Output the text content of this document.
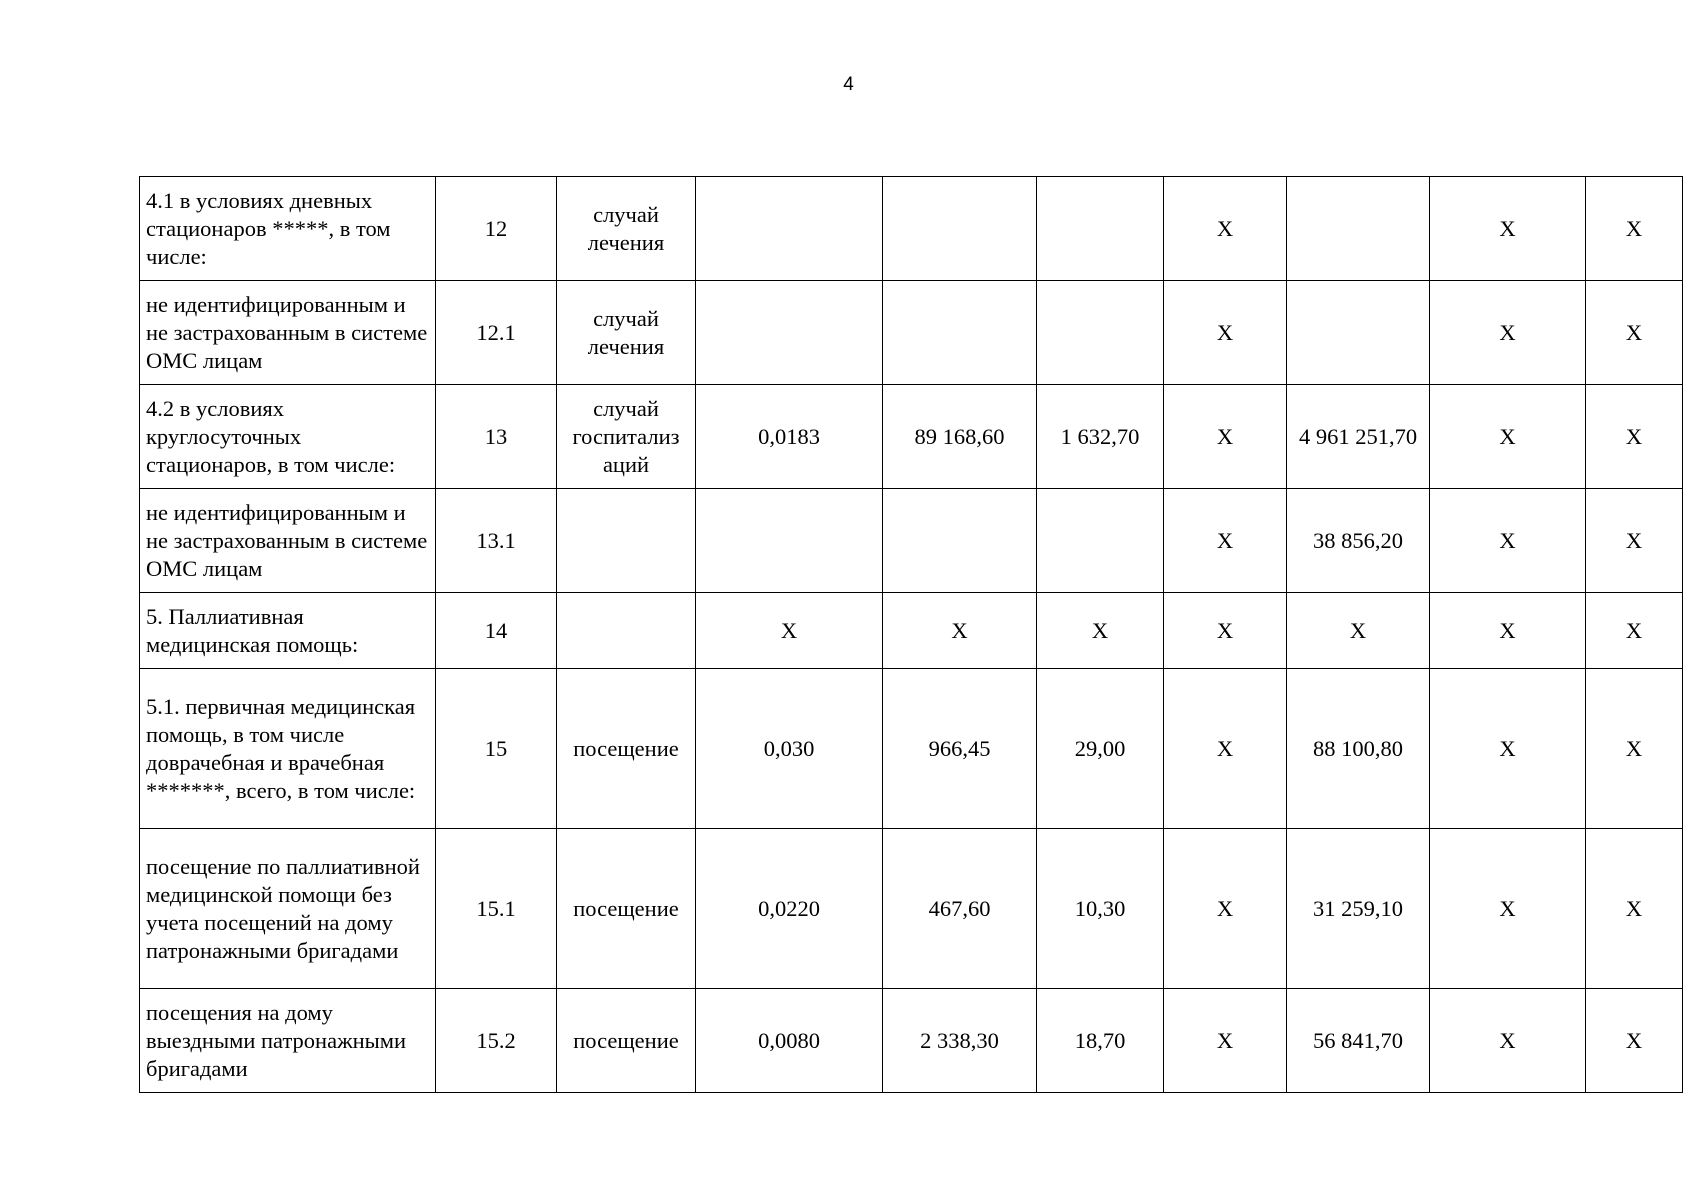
4
4.1 в условиях дневных стационаров *****, в том числе:	12	случай лечения				Х		Х	Х
не идентифицированным и не застрахованным в системе ОМС лицам	12.1	случай лечения				Х		Х	Х
4.2 в условиях круглосуточных стационаров, в том числе:	13	случай госпитализ аций	0,0183	89 168,60	1 632,70	Х	4 961 251,70	Х	Х
не идентифицированным и не застрахованным в системе ОМС лицам	13.1					Х	38 856,20	Х	Х
5. Паллиативная медицинская помощь:	14		Х	Х	Х	Х	Х	Х	Х
5.1. первичная медицинская помощь, в том числе доврачебная и врачебная *******, всего, в том числе:	15	посещение	0,030	966,45	29,00	Х	88 100,80	Х	Х
посещение по паллиативной медицинской помощи без учета посещений на дому патронажными бригадами	15.1	посещение	0,0220	467,60	10,30	Х	31 259,10	Х	Х
посещения на дому выездными патронажными бригадами	15.2	посещение	0,0080	2 338,30	18,70	Х	56 841,70	Х	Х
